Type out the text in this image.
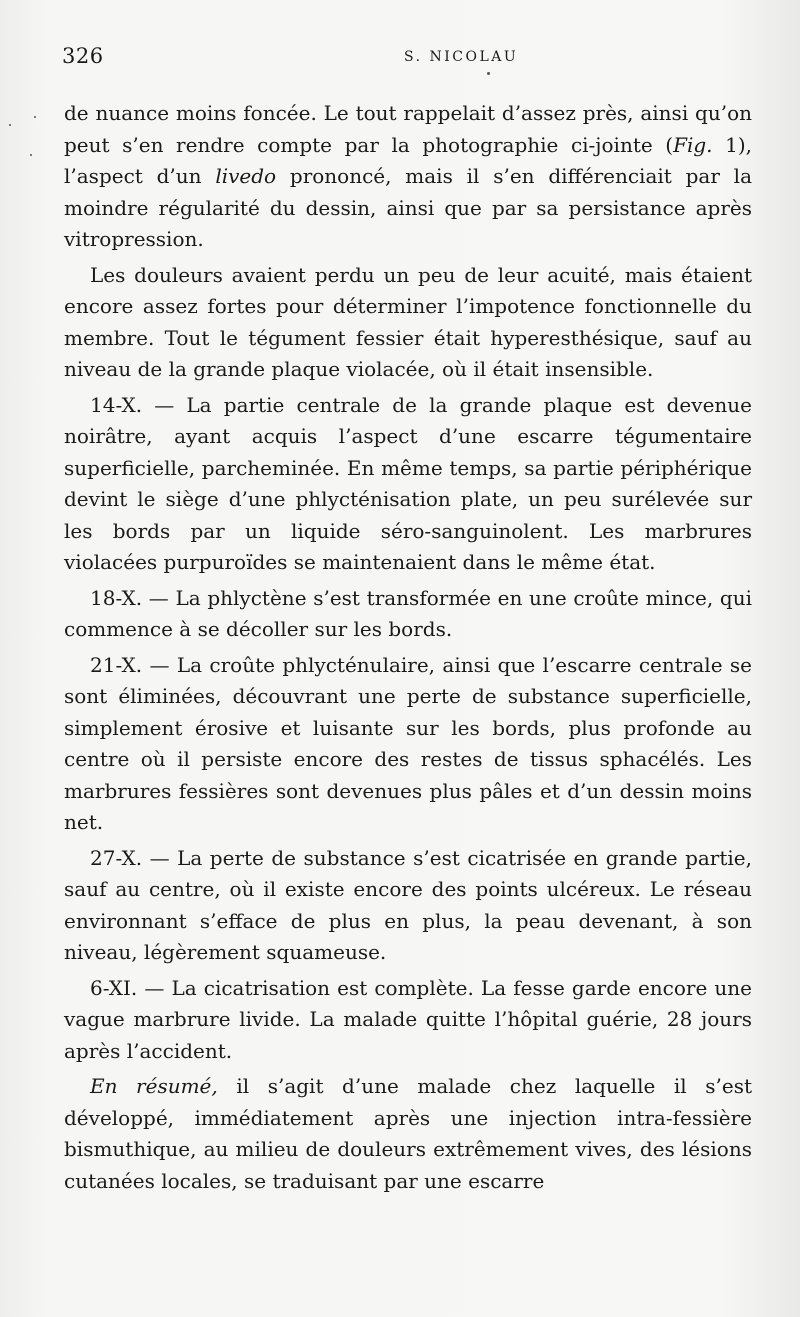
326	S. NICOLAU

de nuance moins foncée. Le tout rappelait d’assez près, ainsi qu’on peut s’en rendre compte par la photographie ci-jointe (Fig. 1), l’aspect d’un livedo prononcé, mais il s’en différenciait par la moindre régularité du dessin, ainsi que par sa persistance après vitropression.

Les douleurs avaient perdu un peu de leur acuité, mais étaient encore assez fortes pour déterminer l’impotence fonctionnelle du membre. Tout le tégument fessier était hyperesthésique, sauf au niveau de la grande plaque violacée, où il était insensible.

14-X. — La partie centrale de la grande plaque est devenue noirâtre, ayant acquis l’aspect d’une escarre tégumentaire superficielle, parcheminée. En même temps, sa partie périphérique devint le siège d’une phlycténisation plate, un peu surélevée sur les bords par un liquide séro-sanguinolent. Les marbrures violacées purpuroïdes se maintenaient dans le même état.

18-X. — La phlyctène s’est transformée en une croûte mince, qui commence à se décoller sur les bords.

21-X. — La croûte phlycténulaire, ainsi que l’escarre centrale se sont éliminées, découvrant une perte de substance superficielle, simplement érosive et luisante sur les bords, plus profonde au centre où il persiste encore des restes de tissus sphacélés. Les marbrures fessières sont devenues plus pâles et d’un dessin moins net.

27-X. — La perte de substance s’est cicatrisée en grande partie, sauf au centre, où il existe encore des points ulcéreux. Le réseau environnant s’efface de plus en plus, la peau devenant, à son niveau, légèrement squameuse.

6-XI. — La cicatrisation est complète. La fesse garde encore une vague marbrure livide. La malade quitte l’hôpital guérie, 28 jours après l’accident.

En résumé, il s’agit d’une malade chez laquelle il s’est développé, immédiatement après une injection intra-fessière bismuthique, au milieu de douleurs extrêmement vives, des lésions cutanées locales, se traduisant par une escarre
